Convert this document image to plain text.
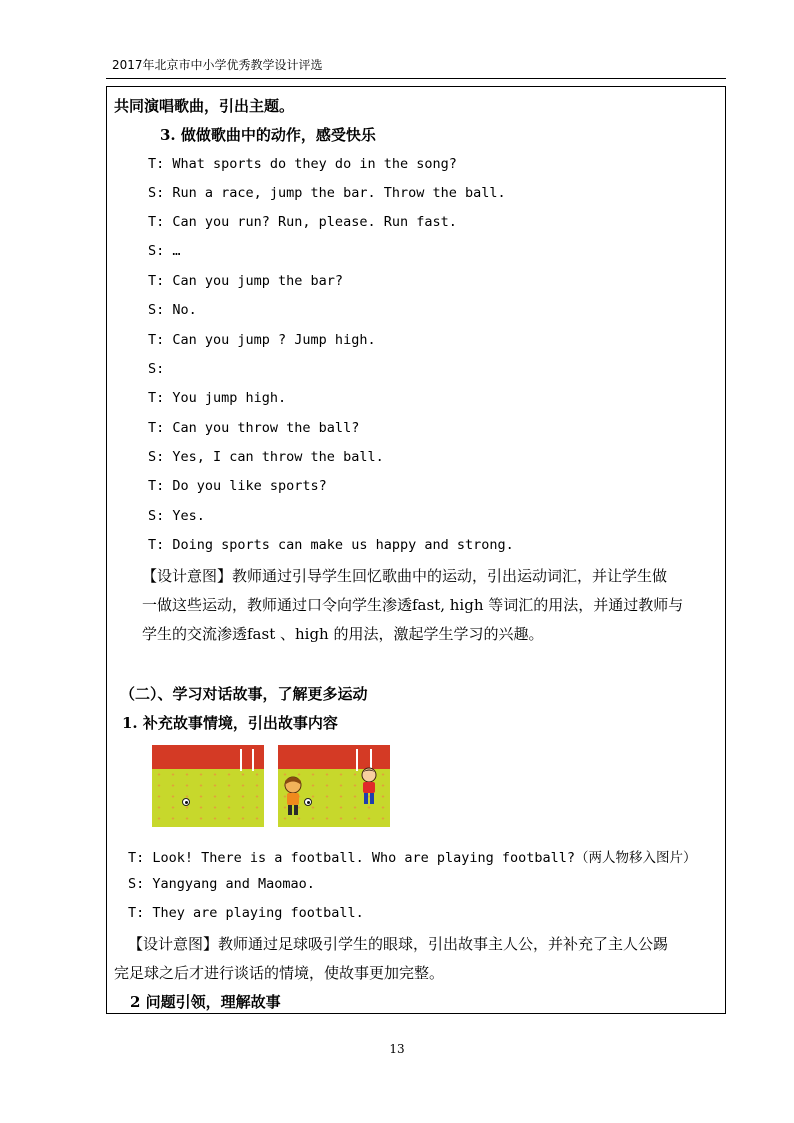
2017年北京市中小学优秀教学设计评选
共同演唱歌曲，引出主题。
3. 做做歌曲中的动作，感受快乐
T: What sports do they do in the song?
S: Run a race, jump the bar. Throw the ball.
T: Can you run? Run, please. Run fast.
S: …
T: Can you jump the bar?
S: No.
T: Can you jump ? Jump high.
S:
T: You jump high.
T: Can you throw the ball?
S: Yes, I can throw the ball.
T: Do you like sports?
S: Yes.
T: Doing sports can make us happy and strong.
【设计意图】教师通过引导学生回忆歌曲中的运动，引出运动词汇，并让学生做
一做这些运动，教师通过口令向学生渗透fast, high 等词汇的用法，并通过教师与
学生的交流渗透fast 、high 的用法，激起学生学习的兴趣。
（二）、学习对话故事，了解更多运动
1. 补充故事情境，引出故事内容
T: Look! There is a football. Who are playing football?（两人物移入图片）
S: Yangyang and Maomao.
T: They are playing football.
【设计意图】教师通过足球吸引学生的眼球，引出故事主人公，并补充了主人公踢
完足球之后才进行谈话的情境，使故事更加完整。
2 问题引领，理解故事
13
